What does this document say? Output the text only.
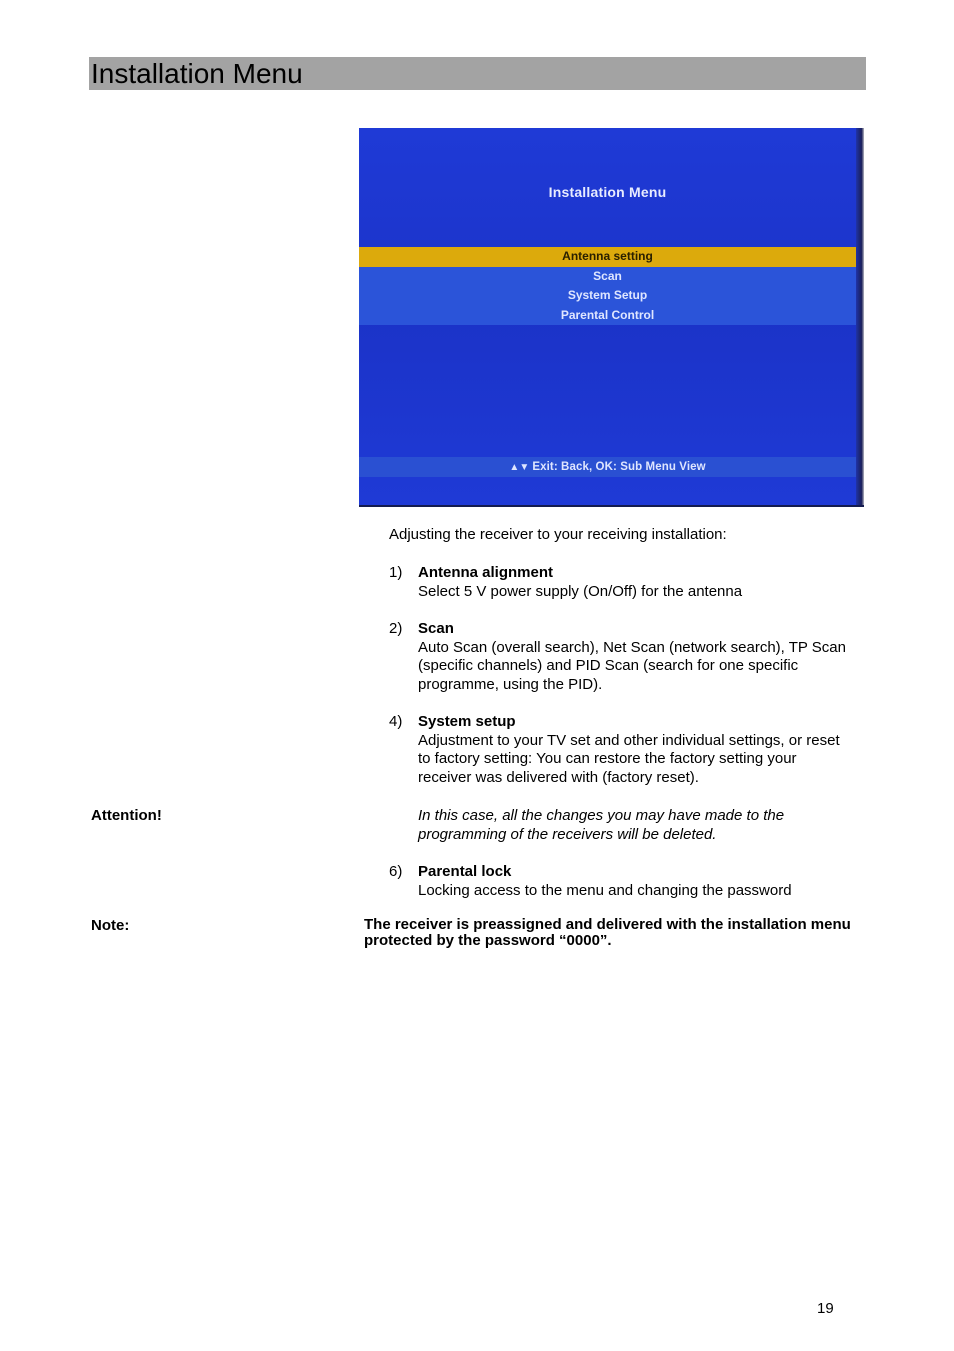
Installation Menu
Installation Menu
Antenna setting
Scan
System Setup
Parental Control
▲▼ Exit: Back, OK: Sub Menu View
Adjusting the receiver to your receiving installation:
1) Antenna alignment
Select 5 V power supply (On/Off) for the antenna
2) Scan
Auto Scan (overall search), Net Scan (network search), TP Scan (specific channels) and PID Scan (search for one specific programme, using the PID).
4) System setup
Adjustment to your TV set and other individual settings, or reset to factory setting: You can restore the factory setting your receiver was delivered with (factory reset).
Attention!	In this case, all the changes you may have made to the programming of the receivers will be deleted.
6) Parental lock
Locking access to the menu and changing the password
Note:	The receiver is preassigned and delivered with the installation menu protected by the password “0000”.
19
